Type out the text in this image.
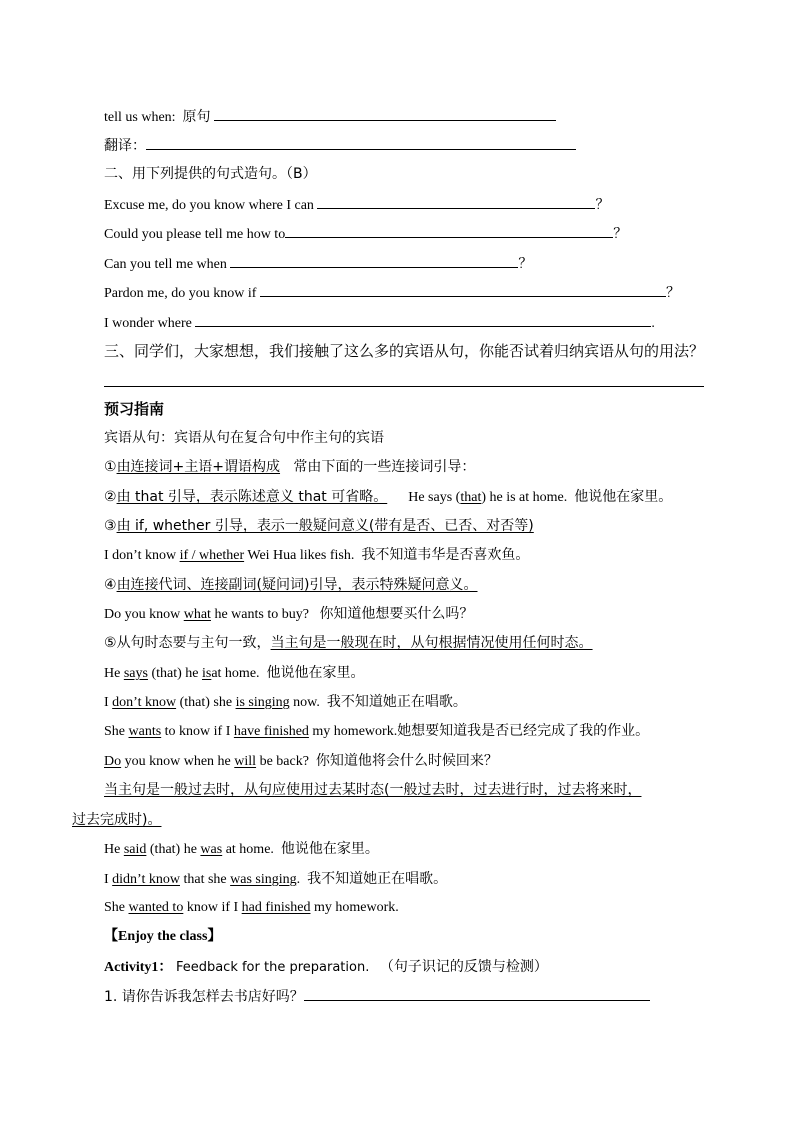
tell us when: 原句
翻译：
二、用下列提供的句式造句。（B）
Excuse me, do you know where I can	？
Could you please tell me how to	？
Can you tell me when	？
Pardon me, do you know if	？
I wonder where	.
三、同学们，大家想想，我们接触了这么多的宾语从句，你能否试着归纳宾语从句的用法？
预习指南
宾语从句：宾语从句在复合句中作主句的宾语
①由连接词+主语+谓语构成 常由下面的一些连接词引导：
②由 that 引导，表示陈述意义 that 可省略。 He says (that) he is at home. 他说他在家里。
③由 if, whether 引导，表示一般疑问意义(带有是否、已否、对否等)
I don’t know if / whether Wei Hua likes fish. 我不知道韦华是否喜欢鱼。
④由连接代词、连接副词(疑问词)引导，表示特殊疑问意义。
Do you know what he wants to buy? 你知道他想要买什么吗？
⑤从句时态要与主句一致，当主句是一般现在时，从句根据情况使用任何时态。
He says (that) he isat home. 他说他在家里。
I don’t know (that) she is singing now. 我不知道她正在唱歌。
She wants to know if I have finished my homework.她想要知道我是否已经完成了我的作业。
Do you know when he will be back? 你知道他将会什么时候回来？
当主句是一般过去时，从句应使用过去某时态(一般过去时，过去进行时，过去将来时，
过去完成时)。
He said (that) he was at home. 他说他在家里。
I didn’t know that she was singing. 我不知道她正在唱歌。
She wanted to know if I had finished my homework.
【Enjoy the class】
Activity1： Feedback for the preparation. （句子识记的反馈与检测）
1. 请你告诉我怎样去书店好吗？
